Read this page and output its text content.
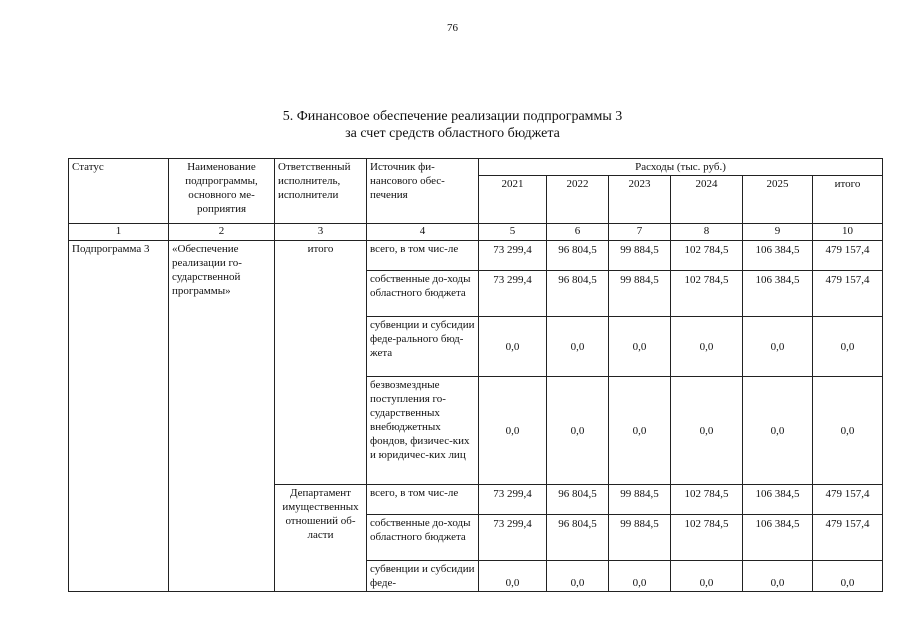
76
5. Финансовое обеспечение реализации подпрограммы 3
за счет средств областного бюджета
Статус	Наименование подпрограммы, основного ме-роприятия	Ответственный исполнитель, исполнители	Источник фи-нансового обес-печения	Расходы (тыс. руб.)					
				2021	2022	2023	2024	2025	итого
1	2	3	4	5	6	7	8	9	10
Подпрограмма 3	«Обеспечение реализации го-сударственной программы»	итого	всего, в том чис-ле	73 299,4	96 804,5	99 884,5	102 784,5	106 384,5	479 157,4
			собственные до-ходы областного бюджета	73 299,4	96 804,5	99 884,5	102 784,5	106 384,5	479 157,4
			субвенции и субсидии феде-рального бюд-жета	0,0	0,0	0,0	0,0	0,0	0,0
			безвозмездные поступления го-сударственных внебюджетных фондов, физичес-ких и юридичес-ких лиц	0,0	0,0	0,0	0,0	0,0	0,0
		Департамент имущественных отношений об-ласти	всего, в том чис-ле	73 299,4	96 804,5	99 884,5	102 784,5	106 384,5	479 157,4
			собственные до-ходы областного бюджета	73 299,4	96 804,5	99 884,5	102 784,5	106 384,5	479 157,4
			субвенции и субсидии феде-	0,0	0,0	0,0	0,0	0,0	0,0
